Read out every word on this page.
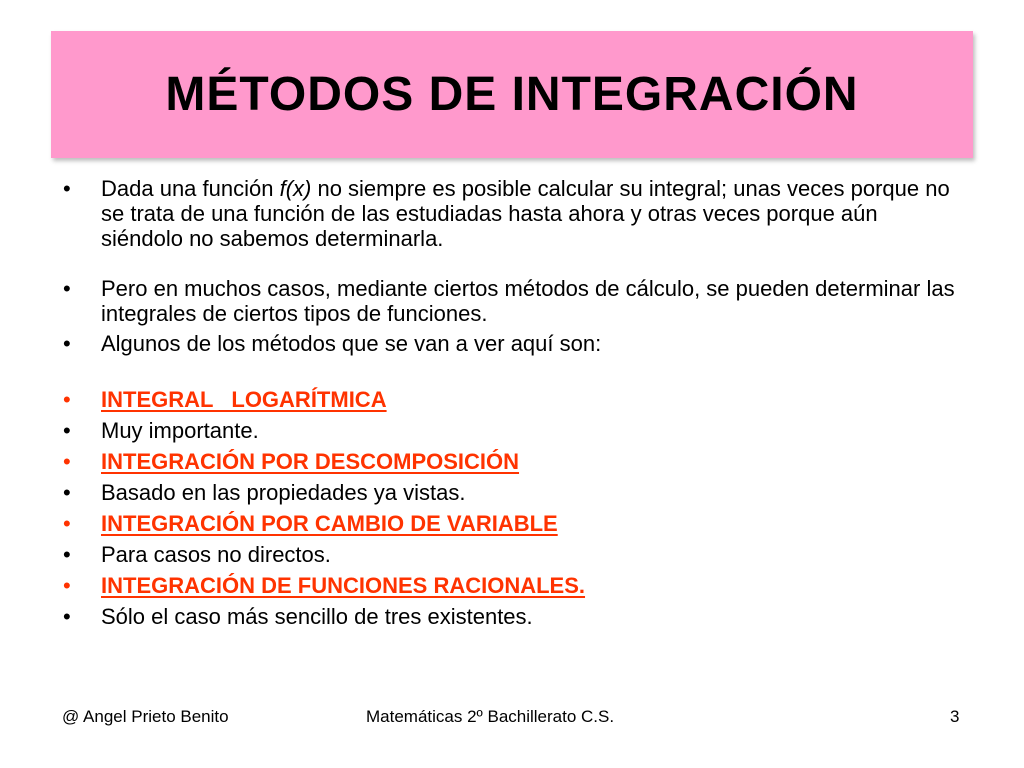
MÉTODOS DE INTEGRACIÓN
•	Dada una función f(x) no siempre es posible calcular su integral; unas veces porque no se trata de una función de las estudiadas hasta ahora y otras veces porque aún siéndolo no sabemos determinarla.
•	Pero en muchos casos, mediante ciertos métodos de cálculo, se pueden determinar las integrales de ciertos tipos de funciones.
•	Algunos de los métodos que se van a ver aquí son:
•	INTEGRAL   LOGARÍTMICA
•	Muy importante.
•	INTEGRACIÓN POR DESCOMPOSICIÓN
•	Basado en las propiedades ya vistas.
•	INTEGRACIÓN POR CAMBIO DE VARIABLE
•	Para casos no directos.
•	INTEGRACIÓN DE FUNCIONES RACIONALES.
•	Sólo el caso más sencillo de tres existentes.
@ Angel Prieto Benito	Matemáticas 2º Bachillerato C.S.	3
